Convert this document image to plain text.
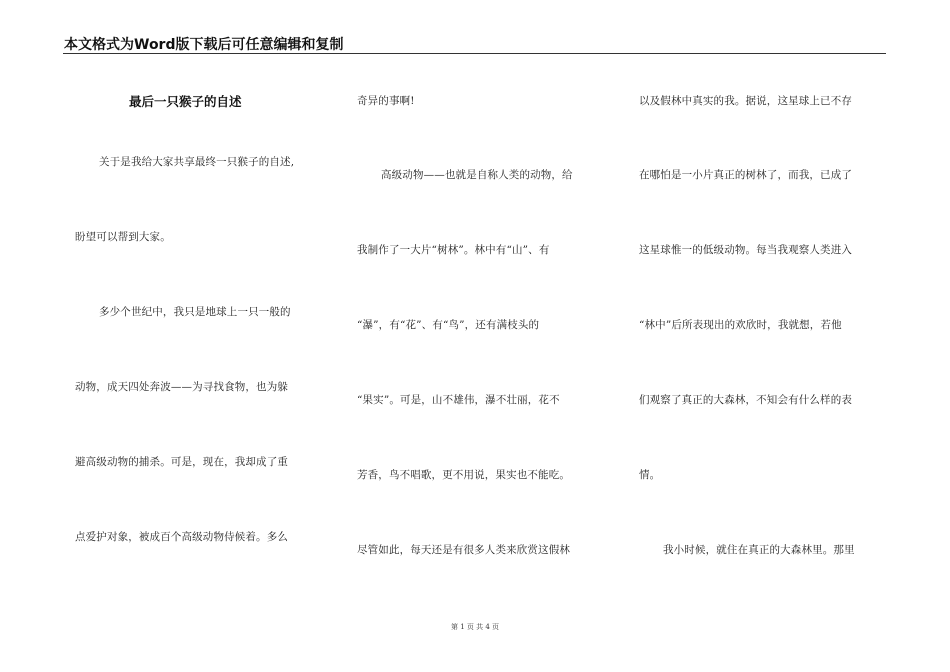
本文格式为Word版下载后可任意编辑和复制
最后一只猴子的自述
关于是我给大家共享最终一只猴子的自述,
盼望可以帮到大家。
多少个世纪中，我只是地球上一只一般的
动物，成天四处奔波——为寻找食物，也为躲
避高级动物的捕杀。可是，现在，我却成了重
点爱护对象，被成百个高级动物侍候着。多么
奇异的事啊!
高级动物——也就是自称人类的动物，给
我制作了一大片“树林”。林中有“山”、有
“瀑”，有“花”、有“鸟”，还有满枝头的
“果实”。可是，山不雄伟，瀑不壮丽，花不
芳香，鸟不唱歌，更不用说，果实也不能吃。
尽管如此，每天还是有很多人类来欣赏这假林
以及假林中真实的我。据说，这星球上已不存
在哪怕是一小片真正的树林了，而我，已成了
这星球惟一的低级动物。每当我观察人类进入
“林中”后所表现出的欢欣时，我就想，若他
们观察了真正的大森林，不知会有什么样的表
情。
我小时候，就住在真正的大森林里。那里
第 1 页 共 4 页
